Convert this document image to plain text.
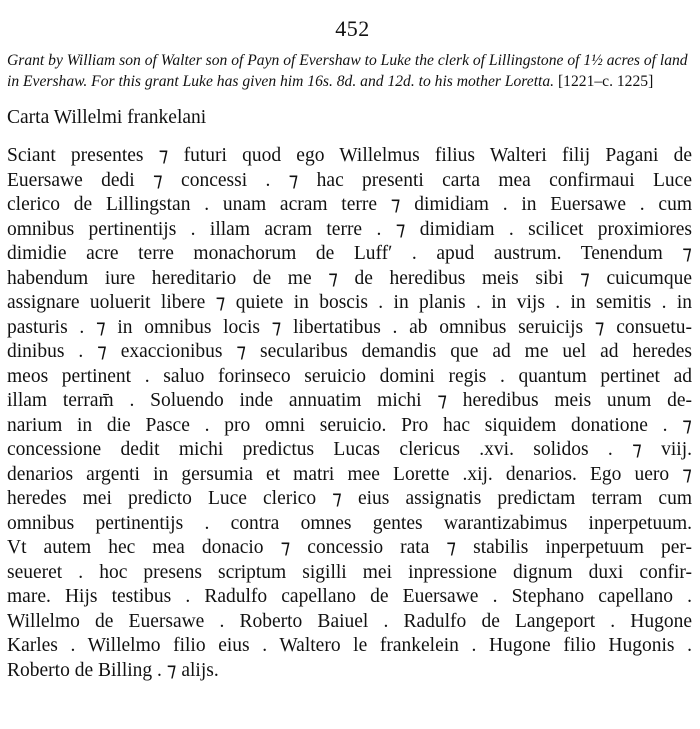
452

Grant by William son of Walter son of Payn of Evershaw to Luke the clerk of Lillingstone of 1½ acres of land in Evershaw. For this grant Luke has given him 16s. 8d. and 12d. to his mother Loretta. [1221–c. 1225]

Carta Willelmi frankelani
Sciant presentes ⁊ futuri quod ego Willelmus filius Walteri filij Pagani de
Euersawe dedi ⁊ concessi . ⁊ hac presenti carta mea confirmaui Luce
clerico de Lillingstan . unam acram terre ⁊ dimidiam . in Euersawe . cum
omnibus pertinentijs . illam acram terre . ⁊ dimidiam . scilicet proximiores
dimidie acre terre monachorum de Luffʹ . apud austrum. Tenendum ⁊
habendum iure hereditario de me ⁊ de heredibus meis sibi ⁊ cuicumque
assignare uoluerit libere ⁊ quiete in boscis . in planis . in vijs . in semitis . in
pasturis . ⁊ in omnibus locis ⁊ libertatibus . ab omnibus seruicijs ⁊ consuetu-
dinibus . ⁊ exaccionibus ⁊ secularibus demandis que ad me uel ad heredes
meos pertinent . saluo forinseco seruicio domini regis . quantum pertinet ad
illam terram̄ . Soluendo inde annuatim michi ⁊ heredibus meis unum de-
narium in die Pasce . pro omni seruicio. Pro hac siquidem donatione . ⁊
concessione dedit michi predictus Lucas clericus .xvi. solidos . ⁊ viij.
denarios argenti in gersumia et matri mee Lorette .xij. denarios. Ego uero ⁊
heredes mei predicto Luce clerico ⁊ eius assignatis predictam terram cum
omnibus pertinentijs . contra omnes gentes warantizabimus inperpetuum.
Vt autem hec mea donacio ⁊ concessio rata ⁊ stabilis inperpetuum per-
seueret . hoc presens scriptum sigilli mei inpressione dignum duxi confir-
mare. Hijs testibus . Radulfo capellano de Euersawe . Stephano capellano .
Willelmo de Euersawe . Roberto Baiuel . Radulfo de Langeport . Hugone
Karles . Willelmo filio eius . Waltero le frankelein . Hugone filio Hugonis .
Roberto de Billing . ⁊ alijs.
